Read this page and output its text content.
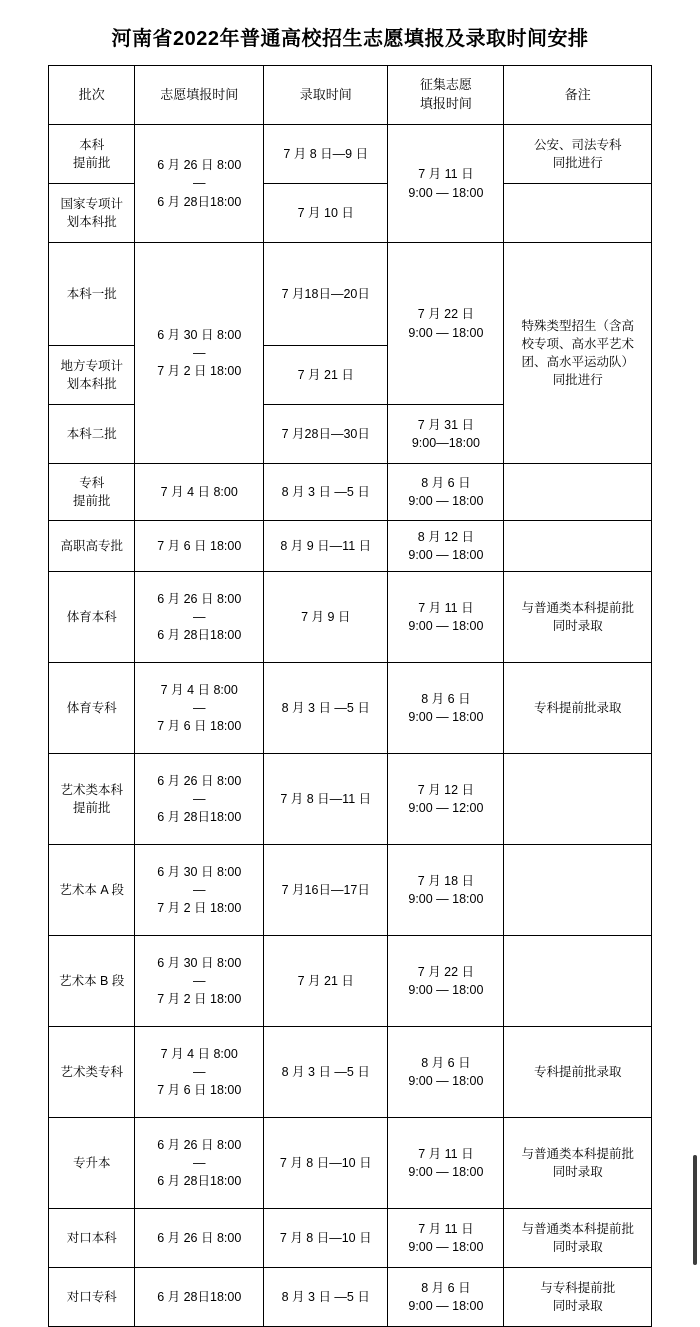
河南省2022年普通高校招生志愿填报及录取时间安排
批次	志愿填报时间	录取时间	征集志愿
填报时间	备注

本科
提前批	6 月 26 日 8:00
—
6 月 28日18:00	7 月 8 日—9 日	7 月 11 日
9:00 — 18:00	公安、司法专科
同批进行

国家专项计
划本科批		7 月 10 日		
本科一批	6 月 30 日 8:00
—
7 月 2 日 18:00	7 月18日—20日	7 月 22 日
9:00 — 18:00	特殊类型招生（含高
校专项、高水平艺术
团、高水平运动队）
同批进行

地方专项计
划本科批		7 月 21 日		
本科二批		7 月28日—30日	7 月 31 日
9:00—18:00	

专科
提前批	7 月 4 日 8:00	8 月 3 日 —5 日	8 月 6 日
9:00 — 18:00	

高职高专批	7 月 6 日 18:00	8 月 9 日—11 日	8 月 12 日
9:00 — 18:00	

体育本科	6 月 26 日 8:00
—
6 月 28日18:00	7 月 9 日	7 月 11 日
9:00 — 18:00	与普通类本科提前批
同时录取

体育专科	7 月 4 日 8:00
—
7 月 6 日 18:00	8 月 3 日 —5 日	8 月 6 日
9:00 — 18:00	专科提前批录取

艺术类本科
提前批	6 月 26 日 8:00
—
6 月 28日18:00	7 月 8 日—11 日	7 月 12 日
9:00 — 12:00	

艺术本 A 段	6 月 30 日 8:00
—
7 月 2 日 18:00	7 月16日—17日	7 月 18 日
9:00 — 18:00	

艺术本 B 段	6 月 30 日 8:00
—
7 月 2 日 18:00	7 月 21 日	7 月 22 日
9:00 — 18:00	

艺术类专科	7 月 4 日 8:00
—
7 月 6 日 18:00	8 月 3 日 —5 日	8 月 6 日
9:00 — 18:00	专科提前批录取
专升本	6 月 26 日 8:00
—
6 月 28日18:00	7 月 8 日—10 日	7 月 11 日
9:00 — 18:00	与普通类本科提前批
同时录取

对口本科	6 月 26 日 8:00	7 月 8 日—10 日	7 月 11 日
9:00 — 18:00	与普通类本科提前批
同时录取

对口专科	6 月 28日18:00	8 月 3 日 —5 日	8 月 6 日
9:00 — 18:00	与专科提前批
同时录取
